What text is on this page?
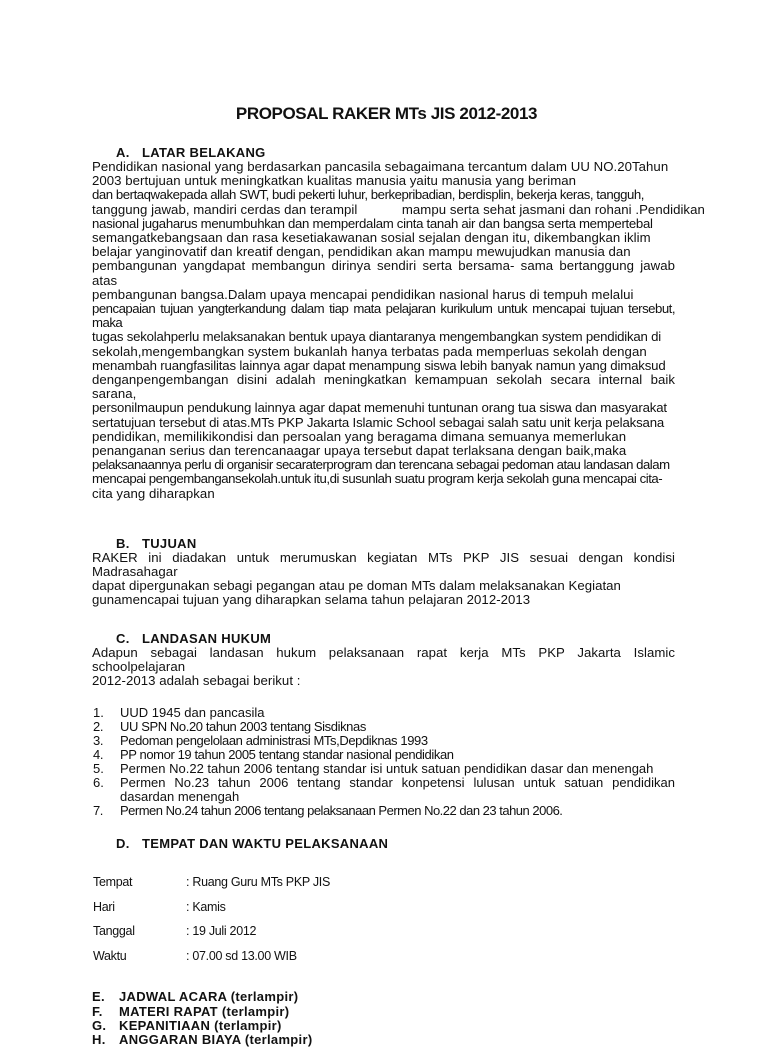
PROPOSAL RAKER MTs JIS 2012-2013
A. LATAR BELAKANG
Pendidikan nasional yang berdasarkan pancasila sebagaimana tercantum dalam UU NO.20Tahun
2003 bertujuan untuk meningkatkan kualitas manusia yaitu manusia yang beriman
dan bertaqwakepada allah SWT, budi pekerti luhur, berkepribadian, berdisplin, bekerja keras, tangguh,
tanggung jawab, mandiri cerdas dan terampil            mampu serta sehat jasmani dan rohani .Pendidikan
nasional jugaharus menumbuhkan dan memperdalam cinta tanah air dan bangsa serta mempertebal
semangatkebangsaan dan rasa kesetiakawanan sosial sejalan dengan itu, dikembangkan iklim
belajar yanginovatif dan kreatif dengan, pendidikan akan mampu mewujudkan manusia dan
pembangunan yangdapat membangun dirinya sendiri serta bersama- sama bertanggung jawab atas
pembangunan bangsa.Dalam upaya mencapai pendidikan nasional harus di tempuh melalui
pencapaian tujuan yangterkandung dalam tiap mata pelajaran kurikulum untuk mencapai tujuan tersebut, maka
tugas sekolahperlu melaksanakan bentuk upaya diantaranya mengembangkan system pendidikan di
sekolah,mengembangkan system bukanlah hanya terbatas pada memperluas sekolah dengan
menambah ruangfasilitas lainnya agar dapat menampung siswa lebih banyak namun yang dimaksud
denganpengembangan disini adalah meningkatkan kemampuan sekolah secara internal baik sarana,
personilmaupun pendukung lainnya agar dapat memenuhi tuntunan orang tua siswa dan masyarakat
sertatujuan tersebut di atas.MTs PKP Jakarta Islamic School sebagai salah satu unit kerja pelaksana
pendidikan, memilikikondisi dan persoalan yang beragama dimana semuanya memerlukan
penanganan serius dan terencanaagar upaya tersebut dapat terlaksana dengan baik,maka
pelaksanaannya perlu di organisir secaraterprogram dan terencana sebagai pedoman atau landasan dalam
mencapai pengembangansekolah.untuk itu,di susunlah suatu program kerja sekolah guna mencapai cita-
cita yang diharapkan
B. TUJUAN
RAKER ini diadakan untuk merumuskan kegiatan MTs PKP JIS sesuai dengan kondisi Madrasahagar
dapat dipergunakan sebagi pegangan atau pe doman MTs dalam melaksanakan Kegiatan
gunamencapai tujuan yang diharapkan selama tahun pelajaran 2012-2013
C. LANDASAN HUKUM
Adapun sebagai landasan hukum pelaksanaan rapat kerja MTs PKP Jakarta Islamic schoolpelajaran
2012-2013 adalah sebagai berikut :
1.	UUD 1945 dan pancasila
2.	UU SPN No.20 tahun 2003 tentang Sisdiknas
3.	Pedoman pengelolaan administrasi MTs,Depdiknas 1993
4.	PP nomor 19 tahun 2005 tentang standar nasional pendidikan
5.	Permen No.22 tahun 2006 tentang standar isi untuk satuan pendidikan dasar dan menengah
6.	Permen No.23 tahun 2006 tentang standar konpetensi lulusan untuk satuan pendidikan dasardan menengah
7.	Permen No.24 tahun 2006 tentang pelaksanaan Permen No.22 dan 23 tahun 2006.
D. TEMPAT DAN WAKTU PELAKSANAAN
Tempat	: Ruang Guru MTs PKP JIS
Hari	: Kamis
Tanggal	: 19 Juli 2012
Waktu	: 07.00 sd 13.00 WIB
E. JADWAL ACARA (terlampir)
F. MATERI RAPAT (terlampir)
G. KEPANITIAAN (terlampir)
H. ANGGARAN BIAYA (terlampir)
